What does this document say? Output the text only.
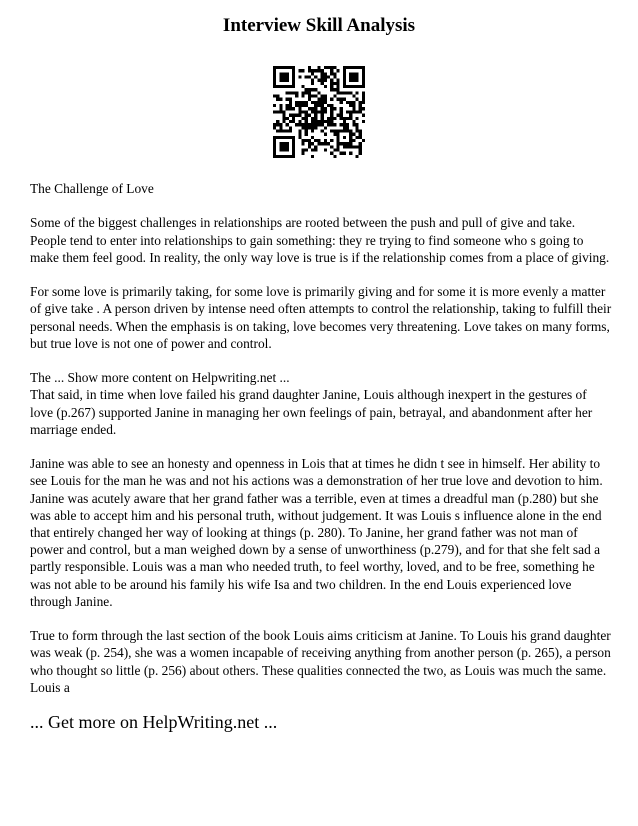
Interview Skill Analysis

The Challenge of Love

Some of the biggest challenges in relationships are rooted between the push and pull of give and take. People tend to enter into relationships to gain something: they re trying to find someone who s going to make them feel good. In reality, the only way love is true is if the relationship comes from a place of giving.

For some love is primarily taking, for some love is primarily giving and for some it is more evenly a matter of give take . A person driven by intense need often attempts to control the relationship, taking to fulfill their personal needs. When the emphasis is on taking, love becomes very threatening. Love takes on many forms, but true love is not one of power and control.

The ... Show more content on Helpwriting.net ...

That said, in time when love failed his grand daughter Janine, Louis although inexpert in the gestures of love (p.267) supported Janine in managing her own feelings of pain, betrayal, and abandonment after her marriage ended.

Janine was able to see an honesty and openness in Lois that at times he didn t see in himself. Her ability to see Louis for the man he was and not his actions was a demonstration of her true love and devotion to him. Janine was acutely aware that her grand father was a terrible, even at times a dreadful man (p.280) but she was able to accept him and his personal truth, without judgement. It was Louis s influence alone in the end that entirely changed her way of looking at things (p. 280). To Janine, her grand father was not man of power and control, but a man weighed down by a sense of unworthiness (p.279), and for that she felt sad a partly responsible. Louis was a man who needed truth, to feel worthy, loved, and to be free, something he was not able to be around his family his wife Isa and two children. In the end Louis experienced love through Janine.

True to form through the last section of the book Louis aims criticism at Janine. To Louis his grand daughter was weak (p. 254), she was a women incapable of receiving anything from another person (p. 265), a person who thought so little (p. 256) about others. These qualities connected the two, as Louis was much the same. Louis a

... Get more on HelpWriting.net ...
